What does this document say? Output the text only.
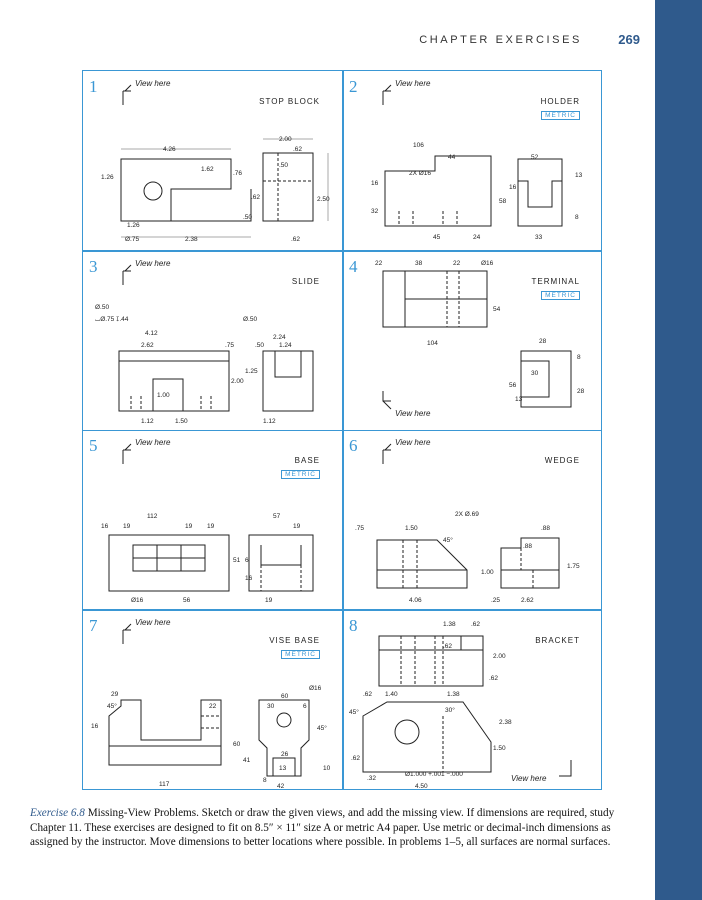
CHAPTER EXERCISES	269
1	View here
STOP BLOCK
4.26
1.62
.62
.76
2.00
.50
1.26
.62	2.50
.50
1.26
Ø.75	2.38	.62
2	View here
HOLDER
METRIC
106
44	52
2X Ø16
16
13
16
58
32
8
45	24	33
3	View here
SLIDE
Ø.50
⌴Ø.75 ↧.44	Ø.50
4.12
2.62
2.24
.75	.50 1.24
1.25
2.00
1.00
1.12	1.50	1.12
4
TERMINAL
METRIC
View here
22	38	22	Ø16
54
104	28
30
56
8
28
13
5	View here
BASE
METRIC
112	57
16 19	19 19	19
51 6
16
Ø16	56	19
6	View here
WEDGE
2X Ø.69
.75	1.50
45°
.88
.88
1.00
1.75
4.06	.25	2.62
7	View here
VISE BASE
METRIC
Ø16
29
45°	22
60
30	6
16	45°
60
41
26
13
8
42
117
10
8
BRACKET
View here
1.38 .62
.62
2.00
.62
.62 1.40	1.38
45°	30°
2.38
1.50
.62
.32
Ø1.000 +.001 −.000
4.50
Exercise 6.8 Missing-View Problems. Sketch or draw the given views, and add the missing view. If dimensions are required, study Chapter 11. These exercises are designed to fit on 8.5″ × 11″ size A or metric A4 paper. Use metric or decimal-inch dimensions as assigned by the instructor. Move dimensions to better locations where possible. In problems 1–5, all surfaces are normal surfaces.
